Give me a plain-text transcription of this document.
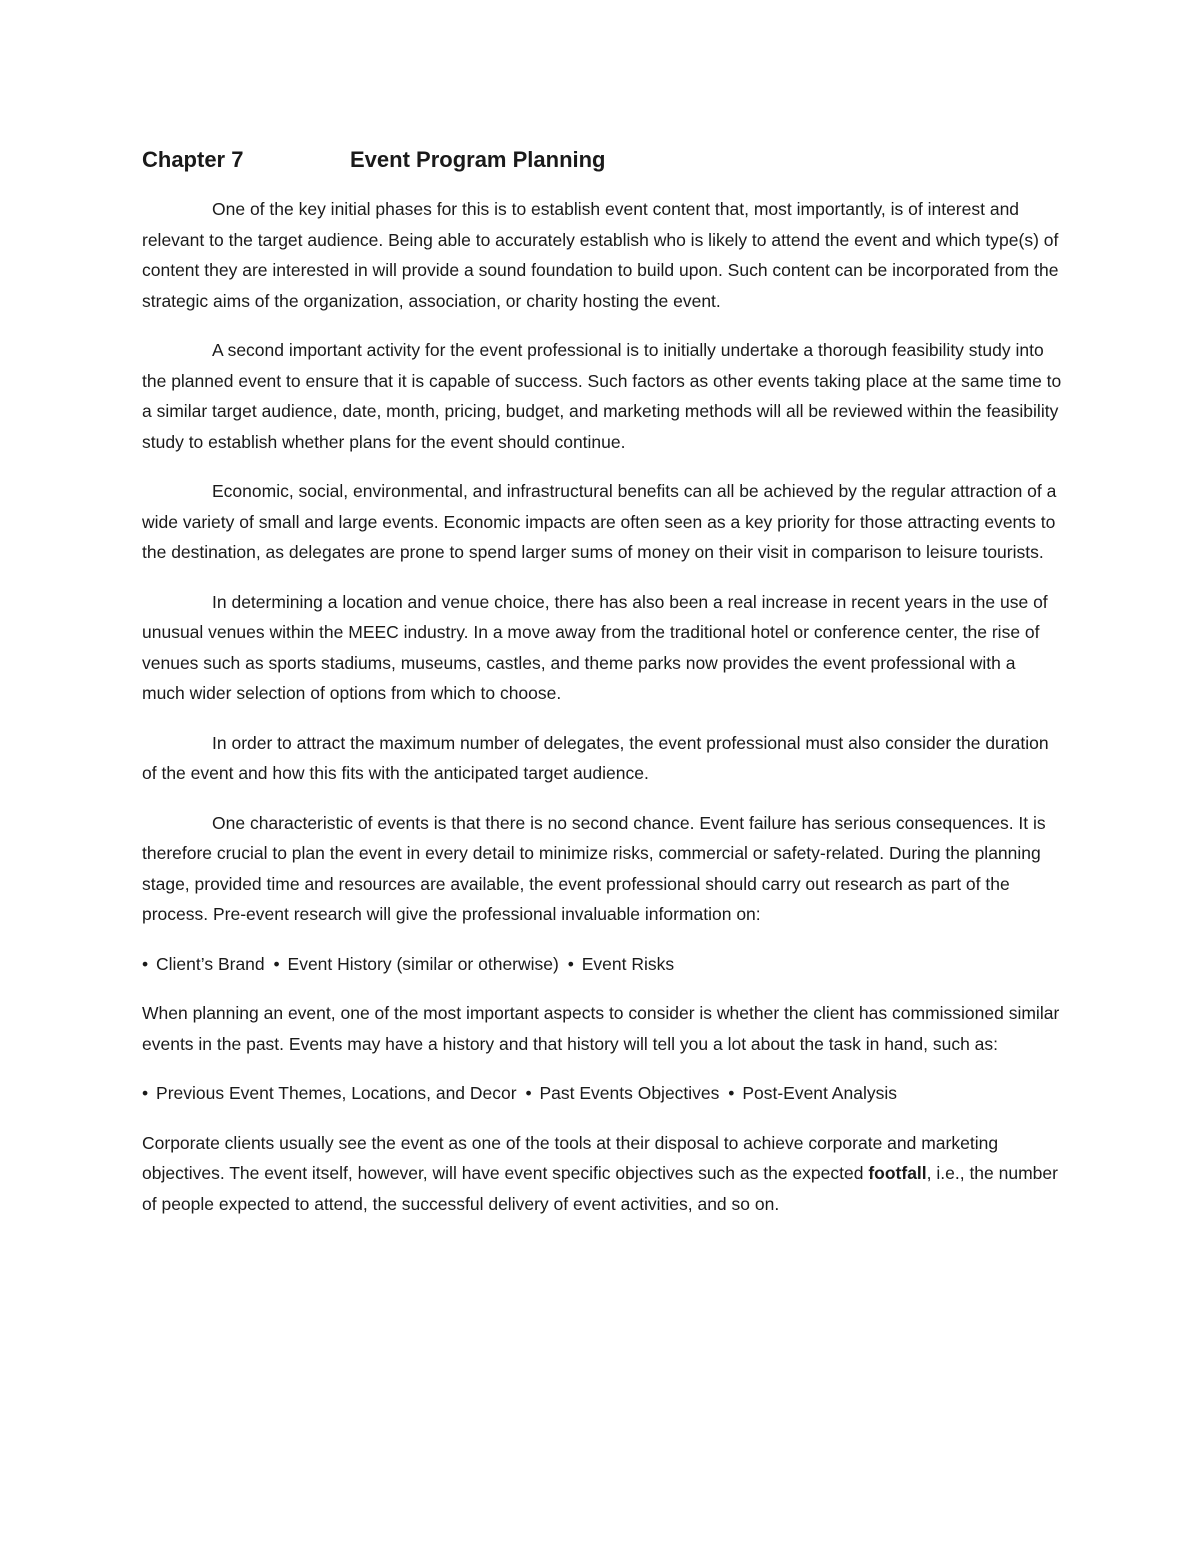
Chapter 7	Event Program Planning

One of the key initial phases for this is to establish event content that, most importantly, is of interest and relevant to the target audience. Being able to accurately establish who is likely to attend the event and which type(s) of content they are interested in will provide a sound foundation to build upon. Such content can be incorporated from the strategic aims of the organization, association, or charity hosting the event.

A second important activity for the event professional is to initially undertake a thorough feasibility study into the planned event to ensure that it is capable of success. Such factors as other events taking place at the same time to a similar target audience, date, month, pricing, budget, and marketing methods will all be reviewed within the feasibility study to establish whether plans for the event should continue.

Economic, social, environmental, and infrastructural benefits can all be achieved by the regular attraction of a wide variety of small and large events. Economic impacts are often seen as a key priority for those attracting events to the destination, as delegates are prone to spend larger sums of money on their visit in comparison to leisure tourists.

In determining a location and venue choice, there has also been a real increase in recent years in the use of unusual venues within the MEEC industry. In a move away from the traditional hotel or conference center, the rise of venues such as sports stadiums, museums, castles, and theme parks now provides the event professional with a much wider selection of options from which to choose.

In order to attract the maximum number of delegates, the event professional must also consider the duration of the event and how this fits with the anticipated target audience.

One characteristic of events is that there is no second chance. Event failure has serious consequences. It is therefore crucial to plan the event in every detail to minimize risks, commercial or safety-related. During the planning stage, provided time and resources are available, the event professional should carry out research as part of the process. Pre-event research will give the professional invaluable information on:

• Client’s Brand • Event History (similar or otherwise) • Event Risks

When planning an event, one of the most important aspects to consider is whether the client has commissioned similar events in the past. Events may have a history and that history will tell you a lot about the task in hand, such as:

• Previous Event Themes, Locations, and Decor • Past Events Objectives • Post-Event Analysis

Corporate clients usually see the event as one of the tools at their disposal to achieve corporate and marketing objectives. The event itself, however, will have event specific objectives such as the expected footfall, i.e., the number of people expected to attend, the successful delivery of event activities, and so on.
